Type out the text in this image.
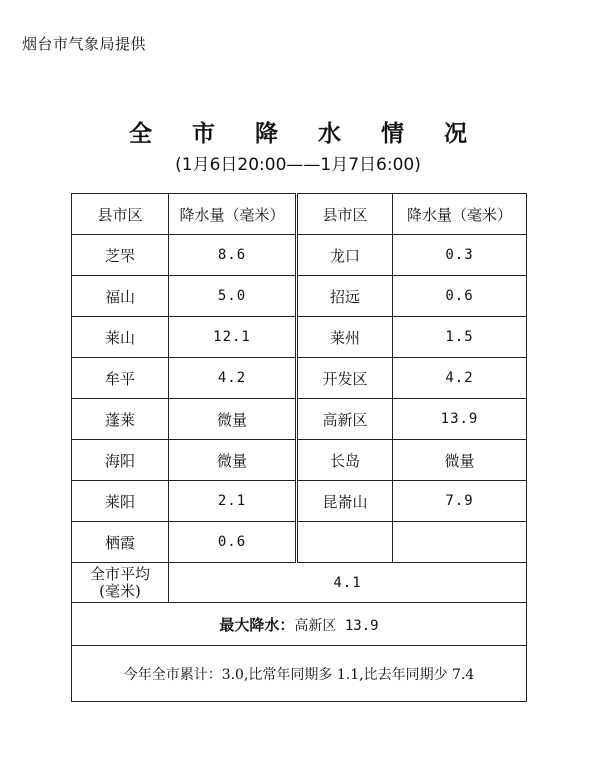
烟台市气象局提供
全 市 降 水 情 况
(1月6日20:00——1月7日6:00)
县市区	降水量（毫米）	县市区	降水量（毫米）
芝罘	8.6	龙口	0.3
福山	5.0	招远	0.6
莱山	12.1	莱州	1.5
牟平	4.2	开发区	4.2
蓬莱	微量	高新区	13.9
海阳	微量	长岛	微量
莱阳	2.1	昆嵛山	7.9
栖霞	0.6		

全市平均
(毫米)	4.1		
最大降水：高新区 13.9			
今年全市累计：3.0,比常年同期多 1.1,比去年同期少 7.4			
